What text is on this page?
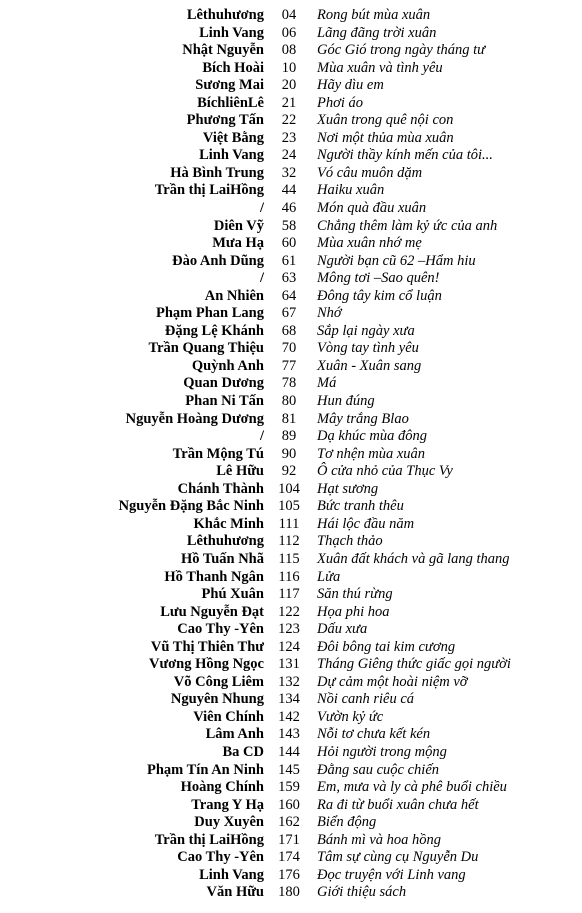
Lêthuhương	04	Rong bút mùa xuân
Linh Vang	06	Lãng đãng trời xuân
Nhật Nguyễn	08	Góc Gió trong ngày tháng tư
Bích Hoài	10	Mùa xuân và tình yêu
Sương Mai	20	Hãy dìu em
BíchliênLê	21	Phơi áo
Phương Tấn	22	Xuân trong quê nội con
Việt Bằng	23	Nơi một thủa mùa xuân
Linh Vang	24	Người thầy kính mến của tôi...
Hà Bình Trung	32	Vó câu muôn dặm
Trần thị LaiHồng	44	Haiku xuân
/	46	Món quà đầu xuân
Diên Vỹ	58	Chẳng thêm làm kỷ ức của anh
Mưa Hạ	60	Mùa xuân nhớ mẹ
Đào Anh Dũng	61	Người bạn cũ 62 –Hẩm hiu
/	63	Mông tơi –Sao quên!
An Nhiên	64	Đông tây kim cổ luận
Phạm Phan Lang	67	Nhớ
Đặng Lệ Khánh	68	Sắp lại ngày xưa
Trần Quang Thiệu	70	Vòng tay tình yêu
Quỳnh Anh	77	Xuân - Xuân sang
Quan Dương	78	Má
Phan Ni Tấn	80	Hun đúng
Nguyễn Hoàng Dương	81	Mây trắng Blao
/	89	Dạ khúc mùa đông
Trần Mộng Tú	90	Tơ nhện mùa xuân
Lê Hữu	92	Ô cửa nhỏ của Thục Vy
Chánh Thành 104	Hạt sương
Nguyễn Đặng Bắc Ninh 105	Bức tranh thêu
Khắc Minh	111	Hái lộc đầu năm
Lêthuhương 112	Thạch thảo
Hồ Tuấn Nhã 115	Xuân đất khách và gã lang thang
Hồ Thanh Ngân 116	Lửa
Phú Xuân 117	Săn thú rừng
Lưu Nguyễn Đạt 122	Họa phi hoa
Cao Thy -Yên 123	Dấu xưa
Vũ Thị Thiên Thư 124	Đôi bông tai kim cương
Vương Hồng Ngọc 131	Tháng Giêng thức giấc gọi người
Võ Công Liêm 132	Dự cảm một hoài niệm vỡ
Nguyên Nhung 134	Nồi canh riêu cá
Viên Chính 142	Vườn kỷ ức
Lâm Anh 143	Nỗi tơ chưa kết kén
Ba CD 144	Hỏi người trong mộng
Phạm Tín An Ninh 145	Đằng sau cuộc chiến
Hoàng Chính 159	Em, mưa và ly cà phê buổi chiều
Trang Y Hạ 160	Ra đi từ buổi xuân chưa hết
Duy Xuyên 162	Biển động
Trần thị LaiHồng 171	Bánh mì và hoa hồng
Cao Thy -Yên 174	Tâm sự cùng cụ Nguyễn Du
Linh Vang 176	Đọc truyện với Linh vang
Văn Hữu 180	Giới thiệu sách
